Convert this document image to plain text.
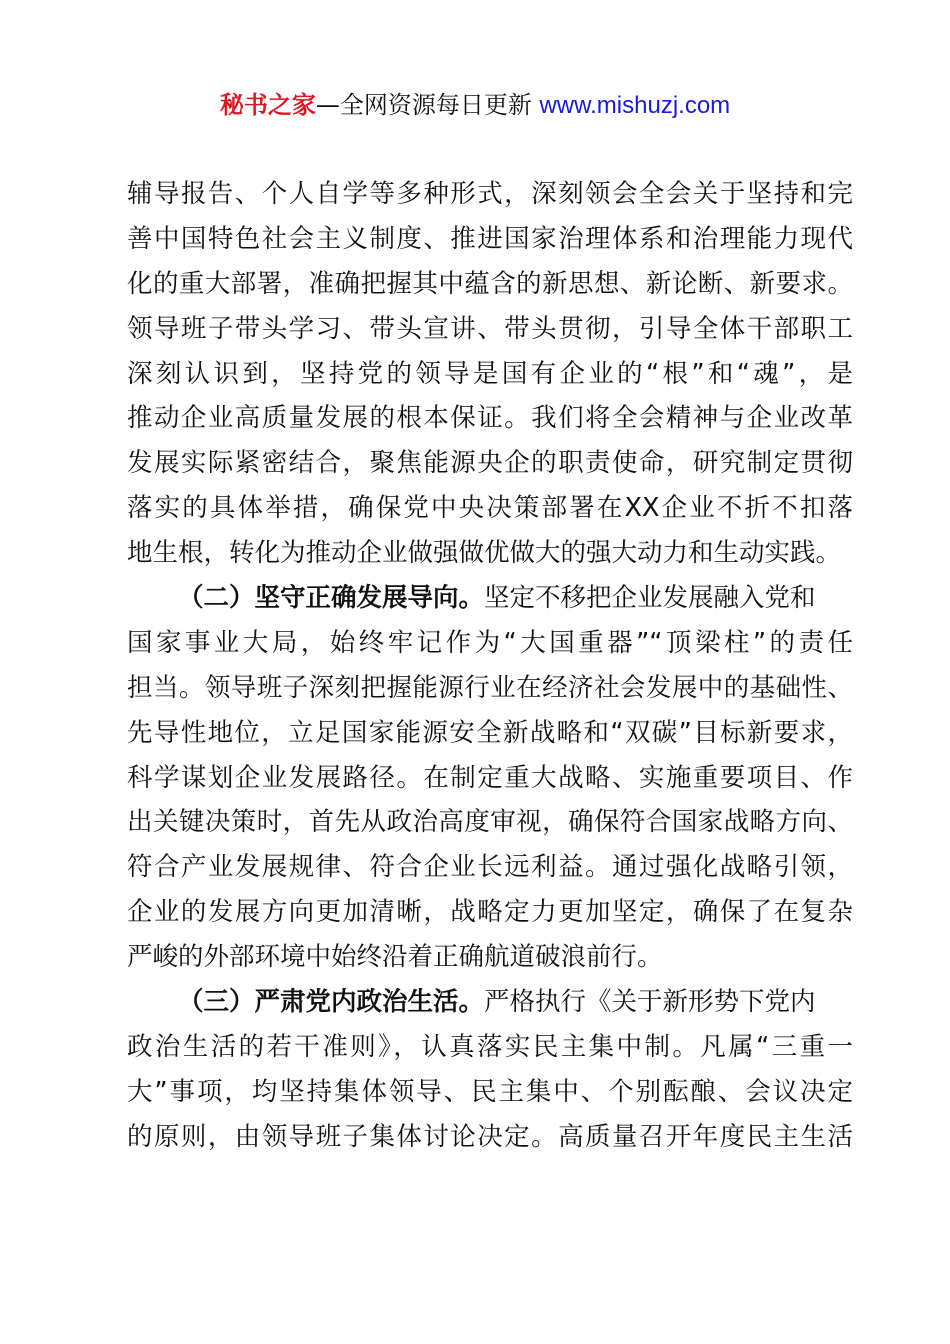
秘书之家—全网资源每日更新 www.mishuzj.com
辅导报告、个人自学等多种形式，深刻领会全会关于坚持和完
善中国特色社会主义制度、推进国家治理体系和治理能力现代
化的重大部署，准确把握其中蕴含的新思想、新论断、新要求。
领导班子带头学习、带头宣讲、带头贯彻，引导全体干部职工
深刻认识到，坚持党的领导是国有企业的“根”和“魂”，是
推动企业高质量发展的根本保证。我们将全会精神与企业改革
发展实际紧密结合，聚焦能源央企的职责使命，研究制定贯彻
落实的具体举措，确保党中央决策部署在XX企业不折不扣落
地生根，转化为推动企业做强做优做大的强大动力和生动实践。
（二）坚守正确发展导向。坚定不移把企业发展融入党和
国家事业大局，始终牢记作为“大国重器”“顶梁柱”的责任
担当。领导班子深刻把握能源行业在经济社会发展中的基础性、
先导性地位，立足国家能源安全新战略和“双碳”目标新要求，
科学谋划企业发展路径。在制定重大战略、实施重要项目、作
出关键决策时，首先从政治高度审视，确保符合国家战略方向、
符合产业发展规律、符合企业长远利益。通过强化战略引领，
企业的发展方向更加清晰，战略定力更加坚定，确保了在复杂
严峻的外部环境中始终沿着正确航道破浪前行。
（三）严肃党内政治生活。严格执行《关于新形势下党内
政治生活的若干准则》，认真落实民主集中制。凡属“三重一
大”事项，均坚持集体领导、民主集中、个别酝酿、会议决定
的原则，由领导班子集体讨论决定。高质量召开年度民主生活
